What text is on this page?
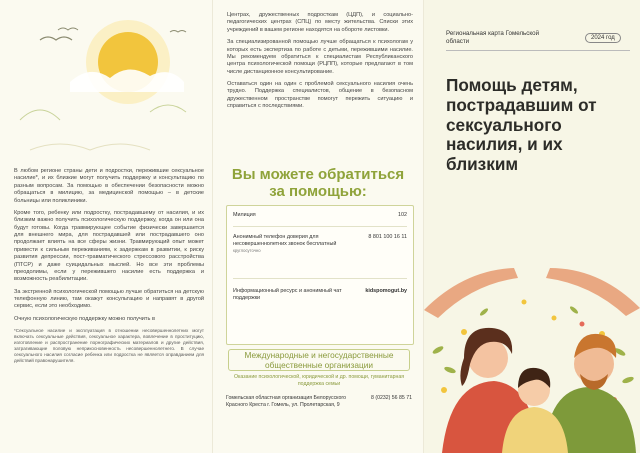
В любом регионе страны дети и подростки, пережившие сексуальное насилие*, и их близкие могут получить поддержку и консультацию по разным вопросам. За помощью в обеспечении безопасности можно обращаться в милицию, за медицинской помощью – в детские больницы или поликлиники.

Кроме того, ребенку или подростку, пострадавшему от насилия, и их близким важно получить психологическую поддержку, когда он или она будут готовы. Когда травмирующее событие физически завершается для внешнего мира, для пострадавшей или пострадавшего оно продолжает влиять на все сферы жизни. Травмирующий опыт может привести к сильным переживаниям, к задержкам в развитии, к риску развития депрессии, пост-травматического стрессового расстройства (ПТСР) и даже суицидальных мыслей. Но все эти проблемы преодолимы, если у пережившего насилие есть поддержка и возможность реабилитации.

За экстренной психологической помощью лучше обратиться на детскую телефонную линию, там окажут консультацию и направят в другой сервис, если это необходимо.

Очную психологическую поддержку можно получить в

*Сексуальное насилие и эксплуатация в отношении несовершеннолетних могут включать сексуальные действия, сексуальное характера, вовлечение в проституцию, изготовление и распространение порнографических материалов и другие действия, затрагивающие половую неприкосновенность несовершеннолетнего. В случае сексуального насилия согласие ребенка или подростка не является оправданием для действий правонарушителя.

Центрах, дружественных подросткам (ЦДП), и социально-педагогических центрах (СПЦ) по месту жительства. Списки этих учреждений в вашем регионе находятся на обороте листовки.

За специализированной помощью лучше обращаться к психологам у которых есть экспертиза по работе с детьми, пережившими насилие. Мы рекомендуем обратиться к специалистам Республиканского центра психологической помощи (РЦПП), которые предлагают в том числе дистанционное консультирование.

Оставаться один на один с проблемой сексуального насилия очень трудно. Поддержка специалистов, общение в безопасном дружественном пространстве помогут пережить ситуацию и справиться с последствиями.

Вы можете обратиться
за помощью:
Милиция	102
Анонимный телефон доверия для несовершеннолетних звонок бесплатный
круглосуточно
8 801 100 16 11
Информационный ресурс и анонимный чат поддержки
kidspomogut.by
Международные и негосударственные общественные организации
Оказание психологической, юридической и др. помощи, гуманитарная поддержка семьи
Гомельская областная организация Белорусского Красного Креста г. Гомель, ул. Пролетарская, 9
8 (0232) 56 85 71
Региональная карта Гомельской области	2024 год
Помощь детям, пострадавшим от сексуального насилия, и их близким
